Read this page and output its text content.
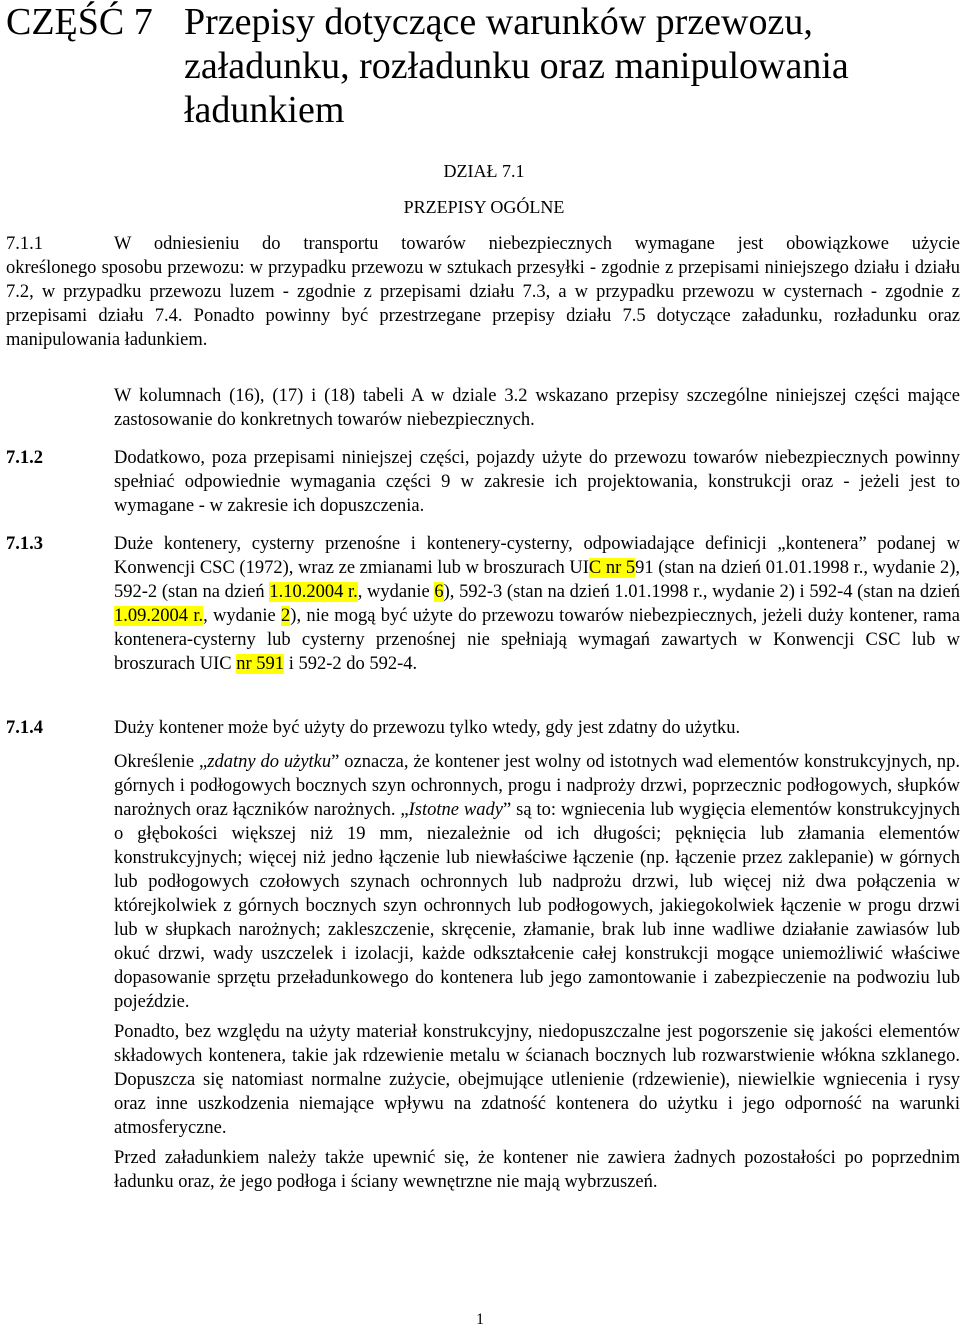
CZĘŚĆ 7 Przepisy dotyczące warunków przewozu, załadunku, rozładunku oraz manipulowania ładunkiem
DZIAŁ 7.1
PRZEPISY OGÓLNE
7.1.1	W odniesieniu do transportu towarów niebezpiecznych wymagane jest obowiązkowe użycie

określonego sposobu przewozu: w przypadku przewozu w sztukach przesyłki - zgodnie z przepisami niniejszego działu i działu 7.2, w przypadku przewozu luzem - zgodnie z przepisami działu 7.3, a w przypadku przewozu w cysternach - zgodnie z przepisami działu 7.4. Ponadto powinny być przestrzegane przepisy działu 7.5 dotyczące załadunku, rozładunku oraz manipulowania ładunkiem.

W kolumnach (16), (17) i (18) tabeli A w dziale 3.2 wskazano przepisy szczególne niniejszej części mające zastosowanie do konkretnych towarów niebezpiecznych.

7.1.2	Dodatkowo, poza przepisami niniejszej części, pojazdy użyte do przewozu towarów niebezpiecznych powinny spełniać odpowiednie wymagania części 9 w zakresie ich projektowania, konstrukcji oraz - jeżeli jest to wymagane - w zakresie ich dopuszczenia.

7.1.3	Duże kontenery, cysterny przenośne i kontenery-cysterny, odpowiadające definicji „kontenera” podanej w Konwencji CSC (1972), wraz ze zmianami lub w broszurach UIC nr 591 (stan na dzień 01.01.1998 r., wydanie 2), 592-2 (stan na dzień 1.10.2004 r., wydanie 6), 592-3 (stan na dzień 1.01.1998 r., wydanie 2) i 592-4 (stan na dzień 1.09.2004 r., wydanie 2), nie mogą być użyte do przewozu towarów niebezpiecznych, jeżeli duży kontener, rama kontenera-cysterny lub cysterny przenośnej nie spełniają wymagań zawartych w Konwencji CSC lub w broszurach UIC nr 591 i 592-2 do 592-4.

7.1.4	Duży kontener może być użyty do przewozu tylko wtedy, gdy jest zdatny do użytku.

Określenie „zdatny do użytku” oznacza, że kontener jest wolny od istotnych wad elementów konstrukcyjnych, np. górnych i podłogowych bocznych szyn ochronnych, progu i nadproży drzwi, poprzecznic podłogowych, słupków narożnych oraz łączników narożnych. „Istotne wady” są to: wgniecenia lub wygięcia elementów konstrukcyjnych o głębokości większej niż 19 mm, niezależnie od ich długości; pęknięcia lub złamania elementów konstrukcyjnych; więcej niż jedno łączenie lub niewłaściwe łączenie (np. łączenie przez zaklepanie) w górnych lub podłogowych czołowych szynach ochronnych lub nadprożu drzwi, lub więcej niż dwa połączenia w którejkolwiek z górnych bocznych szyn ochronnych lub podłogowych, jakiegokolwiek łączenie w progu drzwi lub w słupkach narożnych; zakleszczenie, skręcenie, złamanie, brak lub inne wadliwe działanie zawiasów lub okuć drzwi, wady uszczelek i izolacji, każde odkształcenie całej konstrukcji mogące uniemożliwić właściwe dopasowanie sprzętu przeładunkowego do kontenera lub jego zamontowanie i zabezpieczenie na podwoziu lub pojeździe.

Ponadto, bez względu na użyty materiał konstrukcyjny, niedopuszczalne jest pogorszenie się jakości elementów składowych kontenera, takie jak rdzewienie metalu w ścianach bocznych lub rozwarstwienie włókna szklanego. Dopuszcza się natomiast normalne zużycie, obejmujące utlenienie (rdzewienie), niewielkie wgniecenia i rysy oraz inne uszkodzenia niemające wpływu na zdatność kontenera do użytku i jego odporność na warunki atmosferyczne.

Przed załadunkiem należy także upewnić się, że kontener nie zawiera żadnych pozostałości po poprzednim ładunku oraz, że jego podłoga i ściany wewnętrzne nie mają wybrzuszeń.

1
